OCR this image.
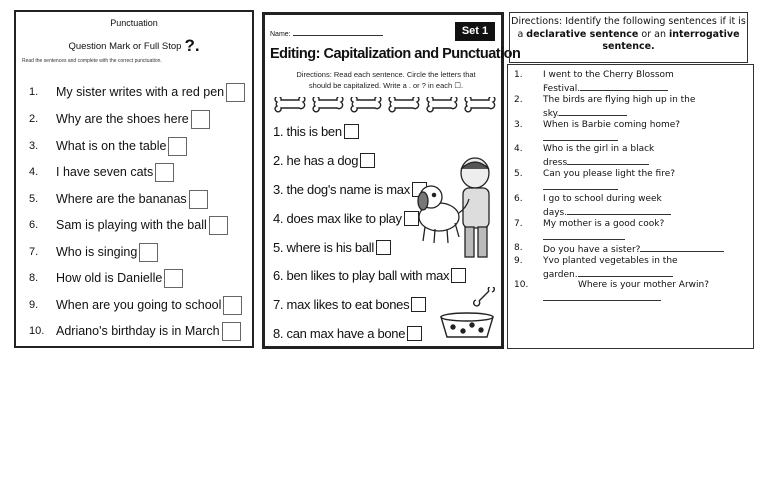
Punctuation
Question Mark or Full Stop ?.
Read the sentences and complete with the correct punctuation.
1.	My sister writes with a red pen
2.	Why are the shoes here
3.	What is on the table
4.	I have seven cats
5.	Where are the bananas
6.	Sam is playing with the ball
7.	Who is singing
8.	How old is Danielle
9.	When are you going to school
10. Adriano's birthday is in March
Name:	Set 1
Editing: Capitalization and Punctuation
Directions: Read each sentence. Circle the letters that
should be capitalized. Write a . or ? in each ☐.
1. this is ben
2. he has a dog
3. the dog's name is max
4. does max like to play
5. where is his ball
6. ben likes to play ball with max
7. max likes to eat bones
8. can max have a bone
Directions: Identify the following sentences if it is a declarative sentence or an interrogative sentence.
1. I went to the Cherry Blossom
Festival.
2. The birds are flying high up in the
sky.
3. When is Barbie coming home?
4. Who is the girl in a black
dress
5. Can you please light the fire?
6. I go to school during week
days.
7. My mother is a good cook?
8. Do you have a sister?
9. Yvo planted vegetables in the
garden.
10.	Where is your mother Arwin?
